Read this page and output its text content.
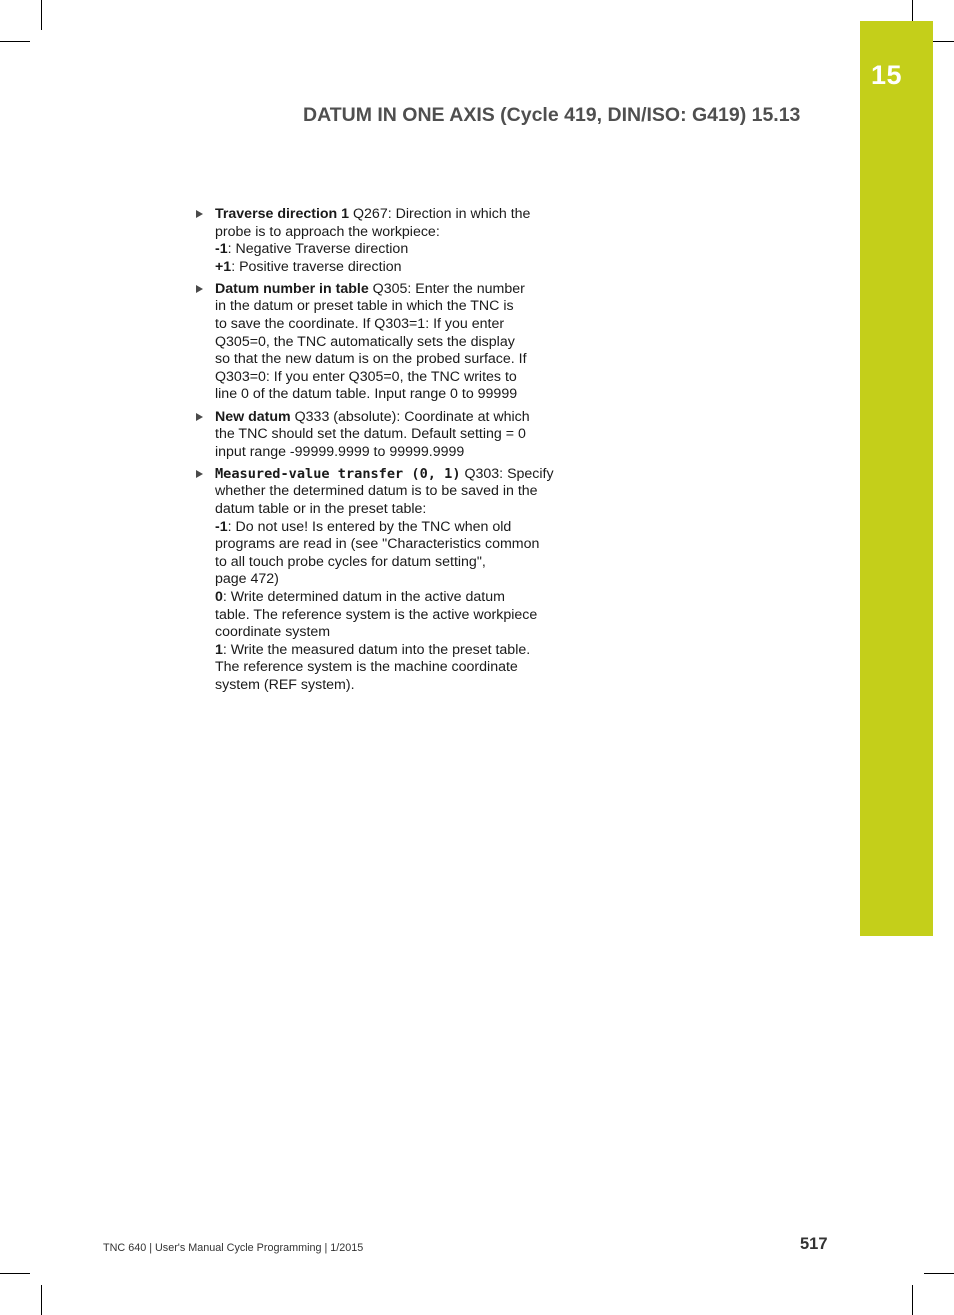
15
DATUM IN ONE AXIS (Cycle 419, DIN/ISO: G419) 15.13
Traverse direction 1 Q267: Direction in which the
probe is to approach the workpiece:
-1: Negative Traverse direction
+1: Positive traverse direction
Datum number in table Q305: Enter the number
in the datum or preset table in which the TNC is
to save the coordinate. If Q303=1: If you enter
Q305=0, the TNC automatically sets the display
so that the new datum is on the probed surface. If
Q303=0: If you enter Q305=0, the TNC writes to
line 0 of the datum table. Input range 0 to 99999
New datum Q333 (absolute): Coordinate at which
the TNC should set the datum. Default setting = 0
input range -99999.9999 to 99999.9999
Measured-value transfer (0, 1) Q303: Specify
whether the determined datum is to be saved in the
datum table or in the preset table:
-1: Do not use! Is entered by the TNC when old
programs are read in (see "Characteristics common
to all touch probe cycles for datum setting",
page 472)
0: Write determined datum in the active datum
table. The reference system is the active workpiece
coordinate system
1: Write the measured datum into the preset table.
The reference system is the machine coordinate
system (REF system).
TNC 640 | User's Manual Cycle Programming | 1/2015	517
